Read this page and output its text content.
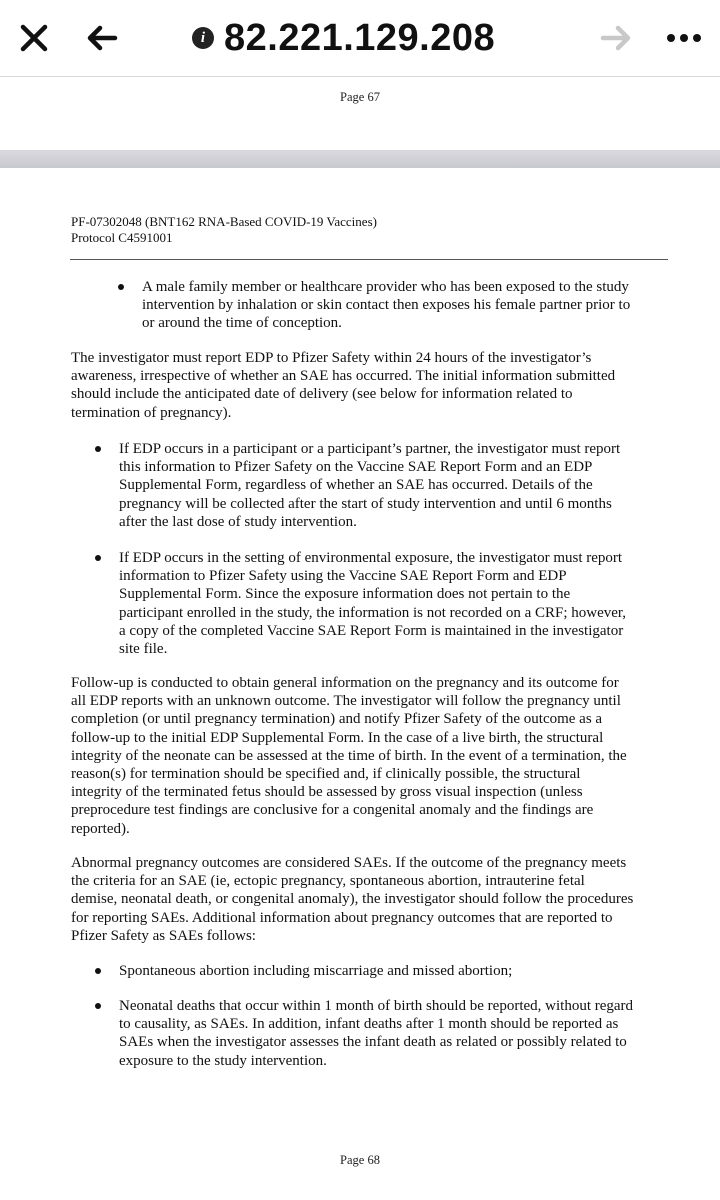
i 82.221.129.208
Page 67
PF-07302048 (BNT162 RNA-Based COVID-19 Vaccines)
Protocol C4591001
A male family member or healthcare provider who has been exposed to the study
intervention by inhalation or skin contact then exposes his female partner prior to
or around the time of conception.
The investigator must report EDP to Pfizer Safety within 24 hours of the investigator’s
awareness, irrespective of whether an SAE has occurred. The initial information submitted
should include the anticipated date of delivery (see below for information related to
termination of pregnancy).
If EDP occurs in a participant or a participant’s partner, the investigator must report
this information to Pfizer Safety on the Vaccine SAE Report Form and an EDP
Supplemental Form, regardless of whether an SAE has occurred. Details of the
pregnancy will be collected after the start of study intervention and until 6 months
after the last dose of study intervention.
If EDP occurs in the setting of environmental exposure, the investigator must report
information to Pfizer Safety using the Vaccine SAE Report Form and EDP
Supplemental Form. Since the exposure information does not pertain to the
participant enrolled in the study, the information is not recorded on a CRF; however,
a copy of the completed Vaccine SAE Report Form is maintained in the investigator
site file.
Follow-up is conducted to obtain general information on the pregnancy and its outcome for
all EDP reports with an unknown outcome. The investigator will follow the pregnancy until
completion (or until pregnancy termination) and notify Pfizer Safety of the outcome as a
follow-up to the initial EDP Supplemental Form. In the case of a live birth, the structural
integrity of the neonate can be assessed at the time of birth. In the event of a termination, the
reason(s) for termination should be specified and, if clinically possible, the structural
integrity of the terminated fetus should be assessed by gross visual inspection (unless
preprocedure test findings are conclusive for a congenital anomaly and the findings are
reported).
Abnormal pregnancy outcomes are considered SAEs. If the outcome of the pregnancy meets
the criteria for an SAE (ie, ectopic pregnancy, spontaneous abortion, intrauterine fetal
demise, neonatal death, or congenital anomaly), the investigator should follow the procedures
for reporting SAEs. Additional information about pregnancy outcomes that are reported to
Pfizer Safety as SAEs follows:
Spontaneous abortion including miscarriage and missed abortion;
Neonatal deaths that occur within 1 month of birth should be reported, without regard
to causality, as SAEs. In addition, infant deaths after 1 month should be reported as
SAEs when the investigator assesses the infant death as related or possibly related to
exposure to the study intervention.
Page 68
